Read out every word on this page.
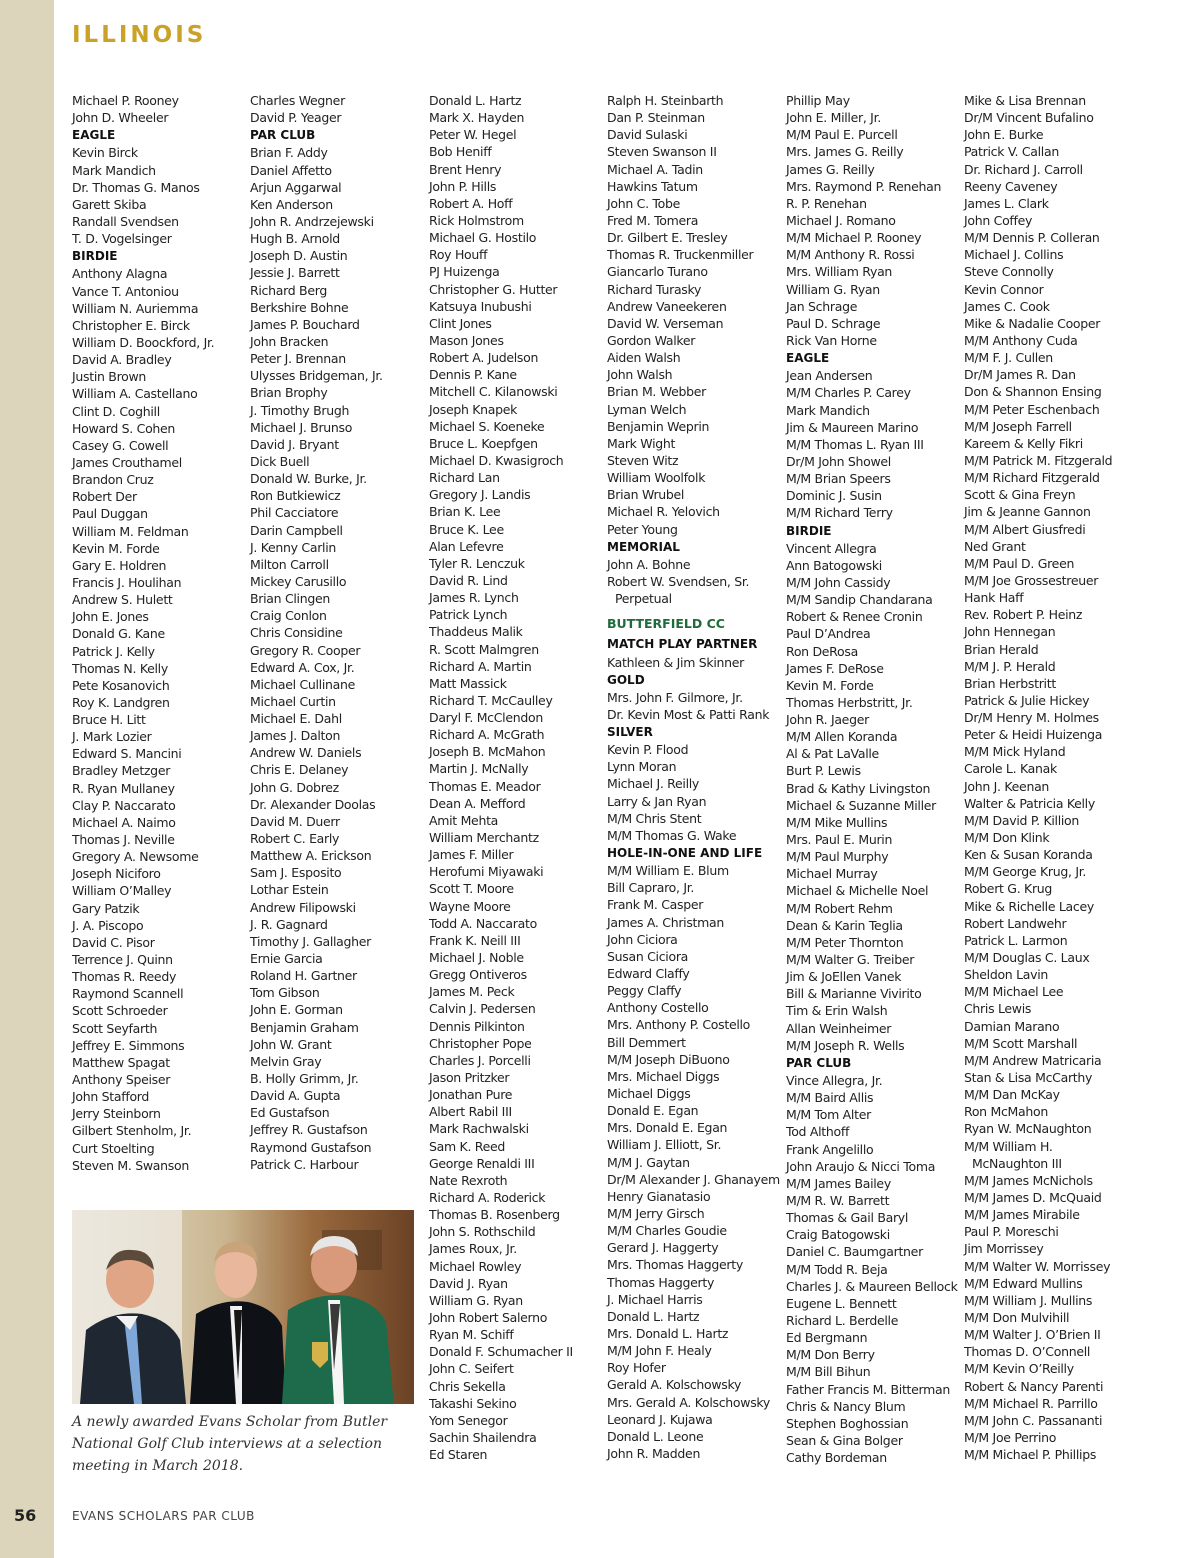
ILLINOIS
Michael P. Rooney
John D. Wheeler
EAGLE
Kevin Birck
Mark Mandich
Dr. Thomas G. Manos
Garett Skiba
Randall Svendsen
T. D. Vogelsinger
BIRDIE
Anthony Alagna
Vance T. Antoniou
William N. Auriemma
Christopher E. Birck
William D. Boockford, Jr.
David A. Bradley
Justin Brown
William A. Castellano
Clint D. Coghill
Howard S. Cohen
Casey G. Cowell
James Crouthamel
Brandon Cruz
Robert Der
Paul Duggan
William M. Feldman
Kevin M. Forde
Gary E. Holdren
Francis J. Houlihan
Andrew S. Hulett
John E. Jones
Donald G. Kane
Patrick J. Kelly
Thomas N. Kelly
Pete Kosanovich
Roy K. Landgren
Bruce H. Litt
J. Mark Lozier
Edward S. Mancini
Bradley Metzger
R. Ryan Mullaney
Clay P. Naccarato
Michael A. Naimo
Thomas J. Neville
Gregory A. Newsome
Joseph Niciforo
William O’Malley
Gary Patzik
J. A. Piscopo
David C. Pisor
Terrence J. Quinn
Thomas R. Reedy
Raymond Scannell
Scott Schroeder
Scott Seyfarth
Jeffrey E. Simmons
Matthew Spagat
Anthony Speiser
John Stafford
Jerry Steinborn
Gilbert Stenholm, Jr.
Curt Stoelting
Steven M. Swanson
Charles Wegner
David P. Yeager
PAR CLUB
Brian F. Addy
Daniel Affetto
Arjun Aggarwal
Ken Anderson
John R. Andrzejewski
Hugh B. Arnold
Joseph D. Austin
Jessie J. Barrett
Richard Berg
Berkshire Bohne
James P. Bouchard
John Bracken
Peter J. Brennan
Ulysses Bridgeman, Jr.
Brian Brophy
J. Timothy Brugh
Michael J. Brunso
David J. Bryant
Dick Buell
Donald W. Burke, Jr.
Ron Butkiewicz
Phil Cacciatore
Darin Campbell
J. Kenny Carlin
Milton Carroll
Mickey Carusillo
Brian Clingen
Craig Conlon
Chris Considine
Gregory R. Cooper
Edward A. Cox, Jr.
Michael Cullinane
Michael Curtin
Michael E. Dahl
James J. Dalton
Andrew W. Daniels
Chris E. Delaney
John G. Dobrez
Dr. Alexander Doolas
David M. Duerr
Robert C. Early
Matthew A. Erickson
Sam J. Esposito
Lothar Estein
Andrew Filipowski
J. R. Gagnard
Timothy J. Gallagher
Ernie Garcia
Roland H. Gartner
Tom Gibson
John E. Gorman
Benjamin Graham
John W. Grant
Melvin Gray
B. Holly Grimm, Jr.
David A. Gupta
Ed Gustafson
Jeffrey R. Gustafson
Raymond Gustafson
Patrick C. Harbour
Donald L. Hartz
Mark X. Hayden
Peter W. Hegel
Bob Heniff
Brent Henry
John P. Hills
Robert A. Hoff
Rick Holmstrom
Michael G. Hostilo
Roy Houff
PJ Huizenga
Christopher G. Hutter
Katsuya Inubushi
Clint Jones
Mason Jones
Robert A. Judelson
Dennis P. Kane
Mitchell C. Kilanowski
Joseph Knapek
Michael S. Koeneke
Bruce L. Koepfgen
Michael D. Kwasigroch
Richard Lan
Gregory J. Landis
Brian K. Lee
Bruce K. Lee
Alan Lefevre
Tyler R. Lenczuk
David R. Lind
James R. Lynch
Patrick Lynch
Thaddeus Malik
R. Scott Malmgren
Richard A. Martin
Matt Massick
Richard T. McCaulley
Daryl F. McClendon
Richard A. McGrath
Joseph B. McMahon
Martin J. McNally
Thomas E. Meador
Dean A. Mefford
Amit Mehta
William Merchantz
James F. Miller
Herofumi Miyawaki
Scott T. Moore
Wayne Moore
Todd A. Naccarato
Frank K. Neill III
Michael J. Noble
Gregg Ontiveros
James M. Peck
Calvin J. Pedersen
Dennis Pilkinton
Christopher Pope
Charles J. Porcelli
Jason Pritzker
Jonathan Pure
Albert Rabil III
Mark Rachwalski
Sam K. Reed
George Renaldi III
Nate Rexroth
Richard A. Roderick
Thomas B. Rosenberg
John S. Rothschild
James Roux, Jr.
Michael Rowley
David J. Ryan
William G. Ryan
John Robert Salerno
Ryan M. Schiff
Donald F. Schumacher II
John C. Seifert
Chris Sekella
Takashi Sekino
Yom Senegor
Sachin Shailendra
Ed Staren
Ralph H. Steinbarth
Dan P. Steinman
David Sulaski
Steven Swanson II
Michael A. Tadin
Hawkins Tatum
John C. Tobe
Fred M. Tomera
Dr. Gilbert E. Tresley
Thomas R. Truckenmiller
Giancarlo Turano
Richard Turasky
Andrew Vaneekeren
David W. Verseman
Gordon Walker
Aiden Walsh
John Walsh
Brian M. Webber
Lyman Welch
Benjamin Weprin
Mark Wight
Steven Witz
William Woolfolk
Brian Wrubel
Michael R. Yelovich
Peter Young
MEMORIAL
John A. Bohne
Robert W. Svendsen, Sr.
Perpetual
BUTTERFIELD CC
MATCH PLAY PARTNER
Kathleen & Jim Skinner
GOLD
Mrs. John F. Gilmore, Jr.
Dr. Kevin Most & Patti Rank
SILVER
Kevin P. Flood
Lynn Moran
Michael J. Reilly
Larry & Jan Ryan
M/M Chris Stent
M/M Thomas G. Wake
HOLE-IN-ONE AND LIFE
M/M William E. Blum
Bill Capraro, Jr.
Frank M. Casper
James A. Christman
John Ciciora
Susan Ciciora
Edward Claffy
Peggy Claffy
Anthony Costello
Mrs. Anthony P. Costello
Bill Demmert
M/M Joseph DiBuono
Mrs. Michael Diggs
Michael Diggs
Donald E. Egan
Mrs. Donald E. Egan
William J. Elliott, Sr.
M/M J. Gaytan
Dr/M Alexander J. Ghanayem
Henry Gianatasio
M/M Jerry Girsch
M/M Charles Goudie
Gerard J. Haggerty
Mrs. Thomas Haggerty
Thomas Haggerty
J. Michael Harris
Donald L. Hartz
Mrs. Donald L. Hartz
M/M John F. Healy
Roy Hofer
Gerald A. Kolschowsky
Mrs. Gerald A. Kolschowsky
Leonard J. Kujawa
Donald L. Leone
John R. Madden
Phillip May
John E. Miller, Jr.
M/M Paul E. Purcell
Mrs. James G. Reilly
James G. Reilly
Mrs. Raymond P. Renehan
R. P. Renehan
Michael J. Romano
M/M Michael P. Rooney
M/M Anthony R. Rossi
Mrs. William Ryan
William G. Ryan
Jan Schrage
Paul D. Schrage
Rick Van Horne
EAGLE
Jean Andersen
M/M Charles P. Carey
Mark Mandich
Jim & Maureen Marino
M/M Thomas L. Ryan III
Dr/M John Showel
M/M Brian Speers
Dominic J. Susin
M/M Richard Terry
BIRDIE
Vincent Allegra
Ann Batogowski
M/M John Cassidy
M/M Sandip Chandarana
Robert & Renee Cronin
Paul D’Andrea
Ron DeRosa
James F. DeRose
Kevin M. Forde
Thomas Herbstritt, Jr.
John R. Jaeger
M/M Allen Koranda
Al & Pat LaValle
Burt P. Lewis
Brad & Kathy Livingston
Michael & Suzanne Miller
M/M Mike Mullins
Mrs. Paul E. Murin
M/M Paul Murphy
Michael Murray
Michael & Michelle Noel
M/M Robert Rehm
Dean & Karin Teglia
M/M Peter Thornton
M/M Walter G. Treiber
Jim & JoEllen Vanek
Bill & Marianne Vivirito
Tim & Erin Walsh
Allan Weinheimer
M/M Joseph R. Wells
PAR CLUB
Vince Allegra, Jr.
M/M Baird Allis
M/M Tom Alter
Tod Althoff
Frank Angelillo
John Araujo & Nicci Toma
M/M James Bailey
M/M R. W. Barrett
Thomas & Gail Baryl
Craig Batogowski
Daniel C. Baumgartner
M/M Todd R. Beja
Charles J. & Maureen Bellock
Eugene L. Bennett
Richard L. Berdelle
Ed Bergmann
M/M Don Berry
M/M Bill Bihun
Father Francis M. Bitterman
Chris & Nancy Blum
Stephen Boghossian
Sean & Gina Bolger
Cathy Bordeman
Mike & Lisa Brennan
Dr/M Vincent Bufalino
John E. Burke
Patrick V. Callan
Dr. Richard J. Carroll
Reeny Caveney
James L. Clark
John Coffey
M/M Dennis P. Colleran
Michael J. Collins
Steve Connolly
Kevin Connor
James C. Cook
Mike & Nadalie Cooper
M/M Anthony Cuda
M/M F. J. Cullen
Dr/M James R. Dan
Don & Shannon Ensing
M/M Peter Eschenbach
M/M Joseph Farrell
Kareem & Kelly Fikri
M/M Patrick M. Fitzgerald
M/M Richard Fitzgerald
Scott & Gina Freyn
Jim & Jeanne Gannon
M/M Albert Giusfredi
Ned Grant
M/M Paul D. Green
M/M Joe Grossestreuer
Hank Haff
Rev. Robert P. Heinz
John Hennegan
Brian Herald
M/M J. P. Herald
Brian Herbstritt
Patrick & Julie Hickey
Dr/M Henry M. Holmes
Peter & Heidi Huizenga
M/M Mick Hyland
Carole L. Kanak
John J. Keenan
Walter & Patricia Kelly
M/M David P. Killion
M/M Don Klink
Ken & Susan Koranda
M/M George Krug, Jr.
Robert G. Krug
Mike & Richelle Lacey
Robert Landwehr
Patrick L. Larmon
M/M Douglas C. Laux
Sheldon Lavin
M/M Michael Lee
Chris Lewis
Damian Marano
M/M Scott Marshall
M/M Andrew Matricaria
Stan & Lisa McCarthy
M/M Dan McKay
Ron McMahon
Ryan W. McNaughton
M/M William H.
McNaughton III
M/M James McNichols
M/M James D. McQuaid
M/M James Mirabile
Paul P. Moreschi
Jim Morrissey
M/M Walter W. Morrissey
M/M Edward Mullins
M/M William J. Mullins
M/M Don Mulvihill
M/M Walter J. O’Brien II
Thomas D. O’Connell
M/M Kevin O’Reilly
Robert & Nancy Parenti
M/M Michael R. Parrillo
M/M John C. Passananti
M/M Joe Perrino
M/M Michael P. Phillips
A newly awarded Evans Scholar from Butler National Golf Club interviews at a selection meeting in March 2018.
56	EVANS SCHOLARS PAR CLUB
